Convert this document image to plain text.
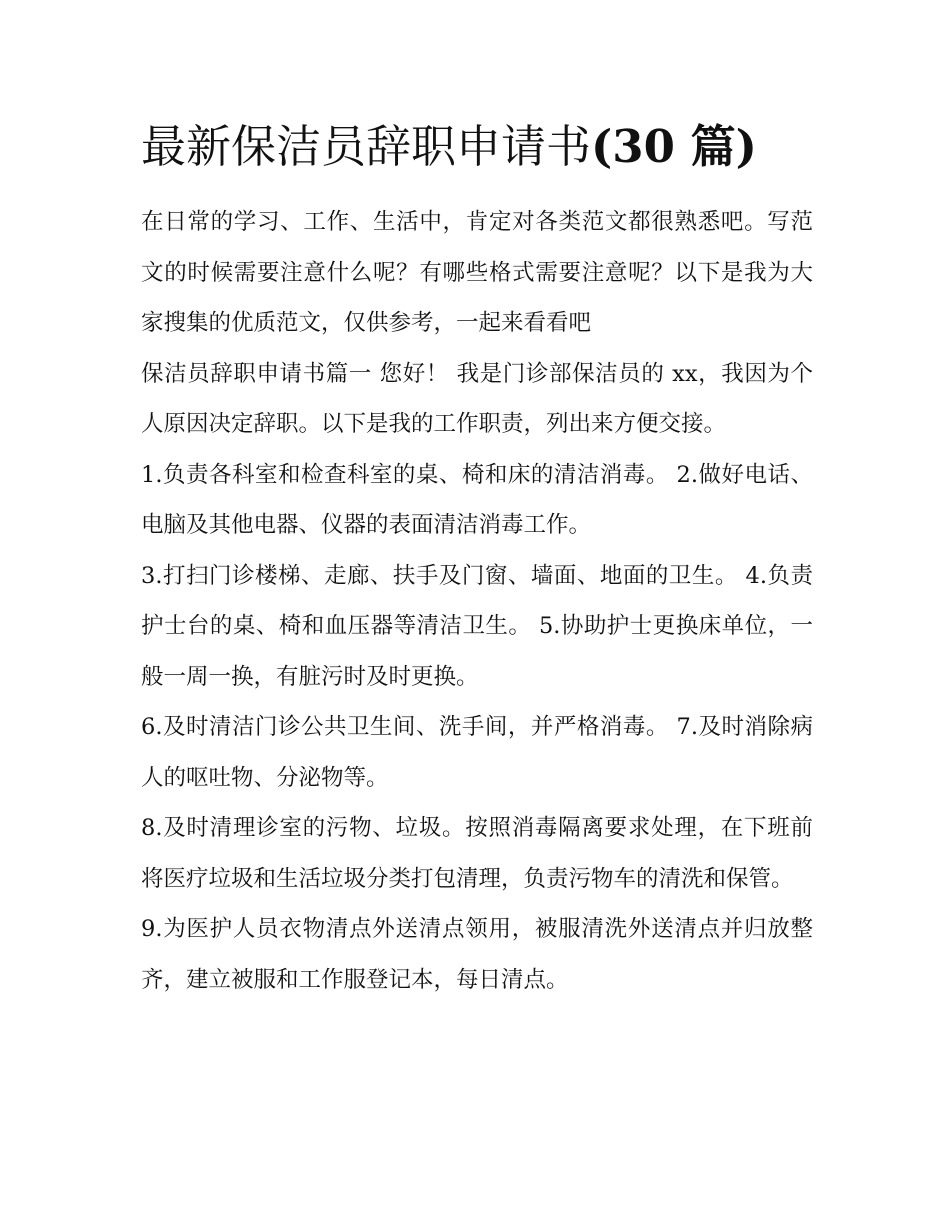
最新保洁员辞职申请书(30 篇)

在日常的学习、工作、生活中，肯定对各类范文都很熟悉吧。写范文的时候需要注意什么呢？有哪些格式需要注意呢？以下是我为大家搜集的优质范文，仅供参考，一起来看看吧

保洁员辞职申请书篇一 您好！ 我是门诊部保洁员的 xx，我因为个人原因决定辞职。以下是我的工作职责，列出来方便交接。

1.负责各科室和检查科室的桌、椅和床的清洁消毒。 2.做好电话、电脑及其他电器、仪器的表面清洁消毒工作。

3.打扫门诊楼梯、走廊、扶手及门窗、墙面、地面的卫生。 4.负责护士台的桌、椅和血压器等清洁卫生。 5.协助护士更换床单位，一般一周一换，有脏污时及时更换。

6.及时清洁门诊公共卫生间、洗手间，并严格消毒。 7.及时消除病人的呕吐物、分泌物等。

8.及时清理诊室的污物、垃圾。按照消毒隔离要求处理，在下班前将医疗垃圾和生活垃圾分类打包清理，负责污物车的清洗和保管。

9.为医护人员衣物清点外送清点领用，被服清洗外送清点并归放整齐，建立被服和工作服登记本，每日清点。
